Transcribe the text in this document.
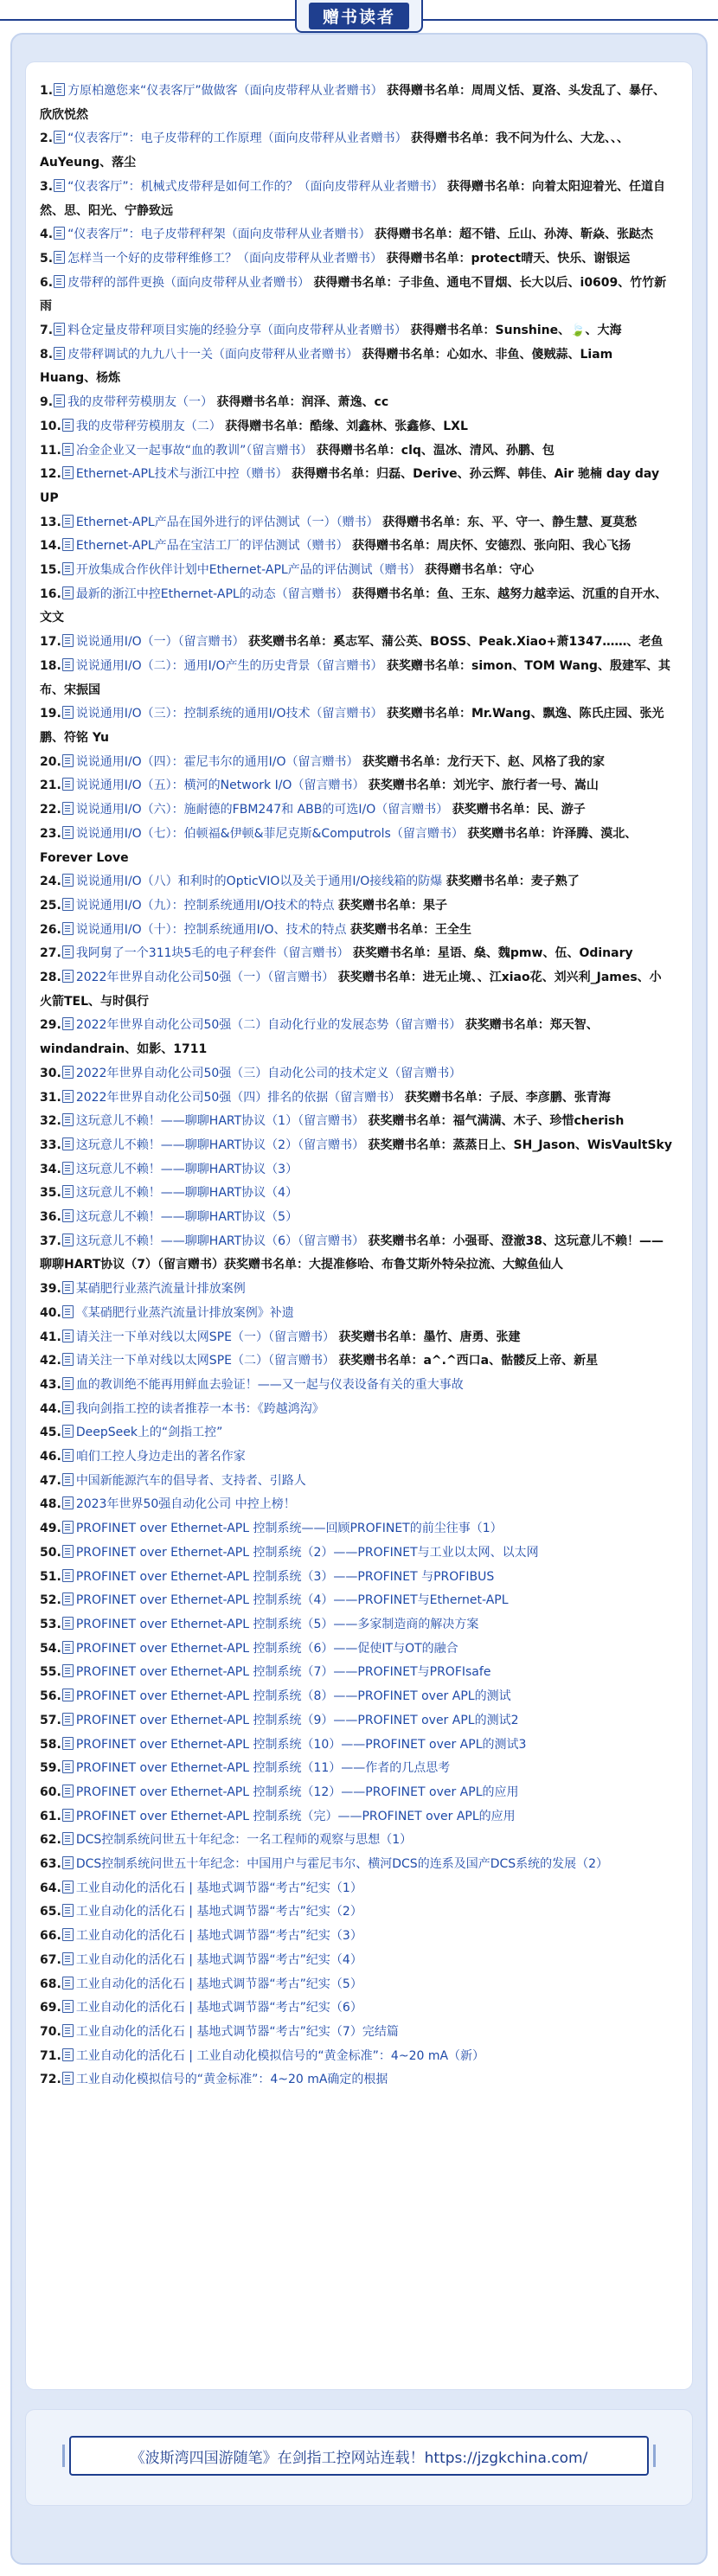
赠书读者
1. 方原柏邀您来“仪表客厅”做做客（面向皮带秤从业者赠书） 获得赠书名单：周周义恬、夏洛、头发乱了、暴仔、欣欣悦然
2. “仪表客厅”：电子皮带秤的工作原理（面向皮带秤从业者赠书） 获得赠书名单：我不问为什么、大龙、、、AuYeung、落尘
3. “仪表客厅”：机械式皮带秤是如何工作的？（面向皮带秤从业者赠书） 获得赠书名单：向着太阳迎着光、任道自然、思、阳光、宁静致远
4. “仪表客厅”：电子皮带秤秤架（面向皮带秤从业者赠书） 获得赠书名单：超不错、丘山、孙涛、靳焱、张跶杰
5. 怎样当一个好的皮带秤维修工？（面向皮带秤从业者赠书） 获得赠书名单：protect晴天、快乐、谢银运
6. 皮带秤的部件更换（面向皮带秤从业者赠书） 获得赠书名单：子非鱼、通电不冒烟、长大以后、i0609、竹竹新雨
7. 料仓定量皮带秤项目实施的经验分享（面向皮带秤从业者赠书） 获得赠书名单：Sunshine、🍃、大海
8. 皮带秤调试的九九八十一关（面向皮带秤从业者赠书） 获得赠书名单：心如水、非鱼、傻贼蒜、Liam Huang、杨炼
9. 我的皮带秤劳模朋友（一） 获得赠书名单：润泽、萧逸、cc
10. 我的皮带秤劳模朋友（二） 获得赠书名单：酷缘、刘鑫林、张鑫修、LXL
11. 冶金企业又一起事故“血的教训”（留言赠书） 获得赠书名单：clq、温冰、清风、孙鹏、包
12. Ethernet-APL技术与浙江中控（赠书） 获得赠书名单：归磊、Derive、孙云辉、韩佳、Air 驰楠 day day UP
13. Ethernet-APL产品在国外进行的评估测试（一）（赠书） 获得赠书名单：东、平、守一、静生慧、夏莫愁
14. Ethernet-APL产品在宝洁工厂的评估测试（赠书） 获得赠书名单：周庆怀、安德烈、张向阳、我心飞扬
15. 开放集成合作伙伴计划中Ethernet-APL产品的评估测试（赠书） 获得赠书名单：守心
16. 最新的浙江中控Ethernet-APL的动态（留言赠书） 获得赠书名单：鱼、王东、越努力越幸运、沉重的自开水、文文
17. 说说通用I/O（一）（留言赠书） 获奖赠书名单：奚志军、蒲公英、BOSS、Peak.Xiao+萧1347……、老鱼
18. 说说通用I/O（二）：通用I/O产生的历史背景（留言赠书） 获奖赠书名单：simon、TOM Wang、殷建军、其布、宋振国
19. 说说通用I/O（三）：控制系统的通用I/O技术（留言赠书） 获奖赠书名单：Mr.Wang、飘逸、陈氏庄园、张光鹏、符铭 Yu
20. 说说通用I/O（四）：霍尼韦尔的通用I/O（留言赠书） 获奖赠书名单：龙行天下、赵、风格了我的家
21. 说说通用I/O（五）：横河的Network I/O（留言赠书） 获奖赠书名单：刘光宇、旅行者一号、嵩山
22. 说说通用I/O（六）：施耐德的FBM247和 ABB的可选I/O（留言赠书） 获奖赠书名单：民、游子
23. 说说通用I/O（七）：伯顿福&伊顿&菲尼克斯&Computrols（留言赠书） 获奖赠书名单：许泽腾、漠北、Forever Love
24. 说说通用I/O（八）和利时的OpticVIO以及关于通用I/O接线箱的防爆 获奖赠书名单：麦子熟了
25. 说说通用I/O（九）：控制系统通用I/O技术的特点 获奖赠书名单：果子
26. 说说通用I/O（十）：控制系统通用I/O、技术的特点 获奖赠书名单：王全生
27. 我阿舅了一个311块5毛的电子秤套件（留言赠书） 获奖赠书名单：星语、燊、魏pmw、伍、Odinary
28. 2022年世界自动化公司50强（一）（留言赠书） 获奖赠书名单：进无止境、、江xiao花、刘兴利_James、小火箭TEL、与时俱行
29. 2022年世界自动化公司50强（二）自动化行业的发展态势（留言赠书） 获奖赠书名单：郑天智、windandrain、如影、1711
30. 2022年世界自动化公司50强（三）自动化公司的技术定义（留言赠书）
31. 2022年世界自动化公司50强（四）排名的依据（留言赠书） 获奖赠书名单：子辰、李彦鹏、张青海
32. 这玩意儿不赖！——聊聊HART协议（1）（留言赠书） 获奖赠书名单：福气满满、木子、珍惜cherish
33. 这玩意儿不赖！——聊聊HART协议（2）（留言赠书） 获奖赠书名单：蒸蒸日上、SH_Jason、WisVaultSky
34. 这玩意儿不赖！——聊聊HART协议（3）
35. 这玩意儿不赖！——聊聊HART协议（4）
36. 这玩意儿不赖！——聊聊HART协议（5）
37. 这玩意儿不赖！——聊聊HART协议（6）（留言赠书） 获奖赠书名单：小强哥、澄澈38、这玩意儿不赖！——聊聊HART协议（7）（留言赠书）获奖赠书名单：大提准修哈、布鲁艾斯外特朵拉流、大鲸鱼仙人
39. 某硝肥行业蒸汽流量计排放案例
40. 《某硝肥行业蒸汽流量计排放案例》补遗
41. 请关注一下单对线以太网SPE（一）（留言赠书） 获奖赠书名单：墨竹、唐勇、张建
42. 请关注一下单对线以太网SPE（二）（留言赠书） 获奖赠书名单：a^.^西口a、骷髅反上帝、新星
43. 血的教训绝不能再用鲜血去验证！——又一起与仪表设备有关的重大事故
44. 我向剑指工控的读者推荐一本书：《跨越鸿沟》
45. DeepSeek上的“剑指工控”
46. 咱们工控人身边走出的著名作家
47. 中国新能源汽车的倡导者、支持者、引路人
48. 2023年世界50强自动化公司 中控上榜！
49. PROFINET over Ethernet-APL 控制系统——回顾PROFINET的前尘往事（1）
50. PROFINET over Ethernet-APL 控制系统（2）——PROFINET与工业以太网、以太网
51. PROFINET over Ethernet-APL 控制系统（3）——PROFINET 与PROFIBUS
52. PROFINET over Ethernet-APL 控制系统（4）——PROFINET与Ethernet-APL
53. PROFINET over Ethernet-APL 控制系统（5）——多家制造商的解决方案
54. PROFINET over Ethernet-APL 控制系统（6）——促使IT与OT的融合
55. PROFINET over Ethernet-APL 控制系统（7）——PROFINET与PROFIsafe
56. PROFINET over Ethernet-APL 控制系统（8）——PROFINET over APL的测试
57. PROFINET over Ethernet-APL 控制系统（9）——PROFINET over APL的测试2
58. PROFINET over Ethernet-APL 控制系统（10）——PROFINET over APL的测试3
59. PROFINET over Ethernet-APL 控制系统（11）——作者的几点思考
60. PROFINET over Ethernet-APL 控制系统（12）——PROFINET over APL的应用
61. PROFINET over Ethernet-APL 控制系统（完）——PROFINET over APL的应用
62. DCS控制系统问世五十年纪念：一名工程师的观察与思想（1）
63. DCS控制系统问世五十年纪念：中国用户与霍尼韦尔、横河DCS的连系及国产DCS系统的发展（2）
64. 工业自动化的活化石 | 基地式调节器“考古”纪实（1）
65. 工业自动化的活化石 | 基地式调节器“考古”纪实（2）
66. 工业自动化的活化石 | 基地式调节器“考古”纪实（3）
67. 工业自动化的活化石 | 基地式调节器“考古”纪实（4）
68. 工业自动化的活化石 | 基地式调节器“考古”纪实（5）
69. 工业自动化的活化石 | 基地式调节器“考古”纪实（6）
70. 工业自动化的活化石 | 基地式调节器“考古”纪实（7）完结篇
71. 工业自动化的活化石 | 工业自动化模拟信号的“黄金标准”：4~20 mA（新）
72. 工业自动化模拟信号的“黄金标准”：4~20 mA确定的根据
《波斯湾四国游随笔》在剑指工控网站连载！https://jzgkchina.com/
